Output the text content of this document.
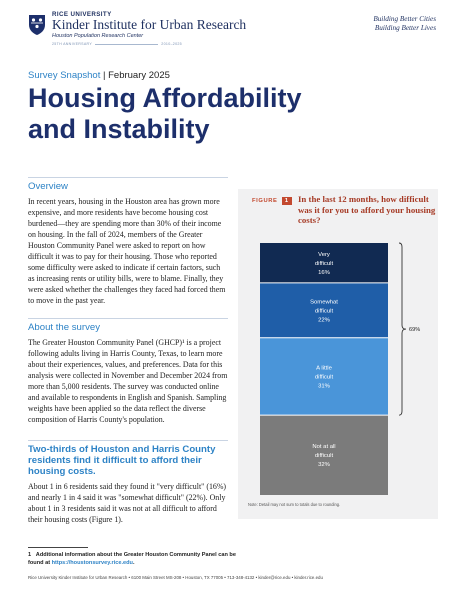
RICE UNIVERSITY
Kinder Institute for Urban Research
Houston Population Research Center
25TH ANNIVERSARY	2010–2025
Building Better Cities
Building Better Lives
Survey Snapshot | February 2025
Housing Affordability
and Instability
Overview
In recent years, housing in the Houston area has grown more expensive, and more residents have become housing cost burdened—they are spending more than 30% of their income on housing. In the fall of 2024, members of the Greater Houston Community Panel were asked to report on how difficult it was to pay for their housing. Those who reported some difficulty were asked to indicate if certain factors, such as increasing rents or utility bills, were to blame. Finally, they were asked whether the challenges they faced had forced them to move in the past year.
About the survey
The Greater Houston Community Panel (GHCP)¹ is a project following adults living in Harris County, Texas, to learn more about their experiences, values, and preferences. Data for this analysis were collected in November and December 2024 from more than 5,000 residents. The survey was conducted online and available to respondents in English and Spanish. Sampling weights have been applied so the data reflect the diverse composition of Harris County's population.
Two-thirds of Houston and Harris County residents find it difficult to afford their housing costs.
About 1 in 6 residents said they found it "very difficult" (16%) and nearly 1 in 4 said it was "somewhat difficult" (22%). Only about 1 in 3 residents said it was not at all difficult to afford their housing costs (Figure 1).
1 Additional information about the Greater Houston Community Panel can be found at https://houstonsurvey.rice.edu.
Rice University Kinder Institute for Urban Research • 6100 Main Street MS-208 • Houston, TX 77005 • 713-348-4132 • kinder@rice.edu • kinder.rice.edu
FIGURE	1	In the last 12 months, how difficult was it for you to afford your housing costs?
Very
difficult
16%
Somewhat
difficult
22%
A little
difficult
31%
Not at all
difficult
32%
69%
Note: Detail may not sum to totals due to rounding.
